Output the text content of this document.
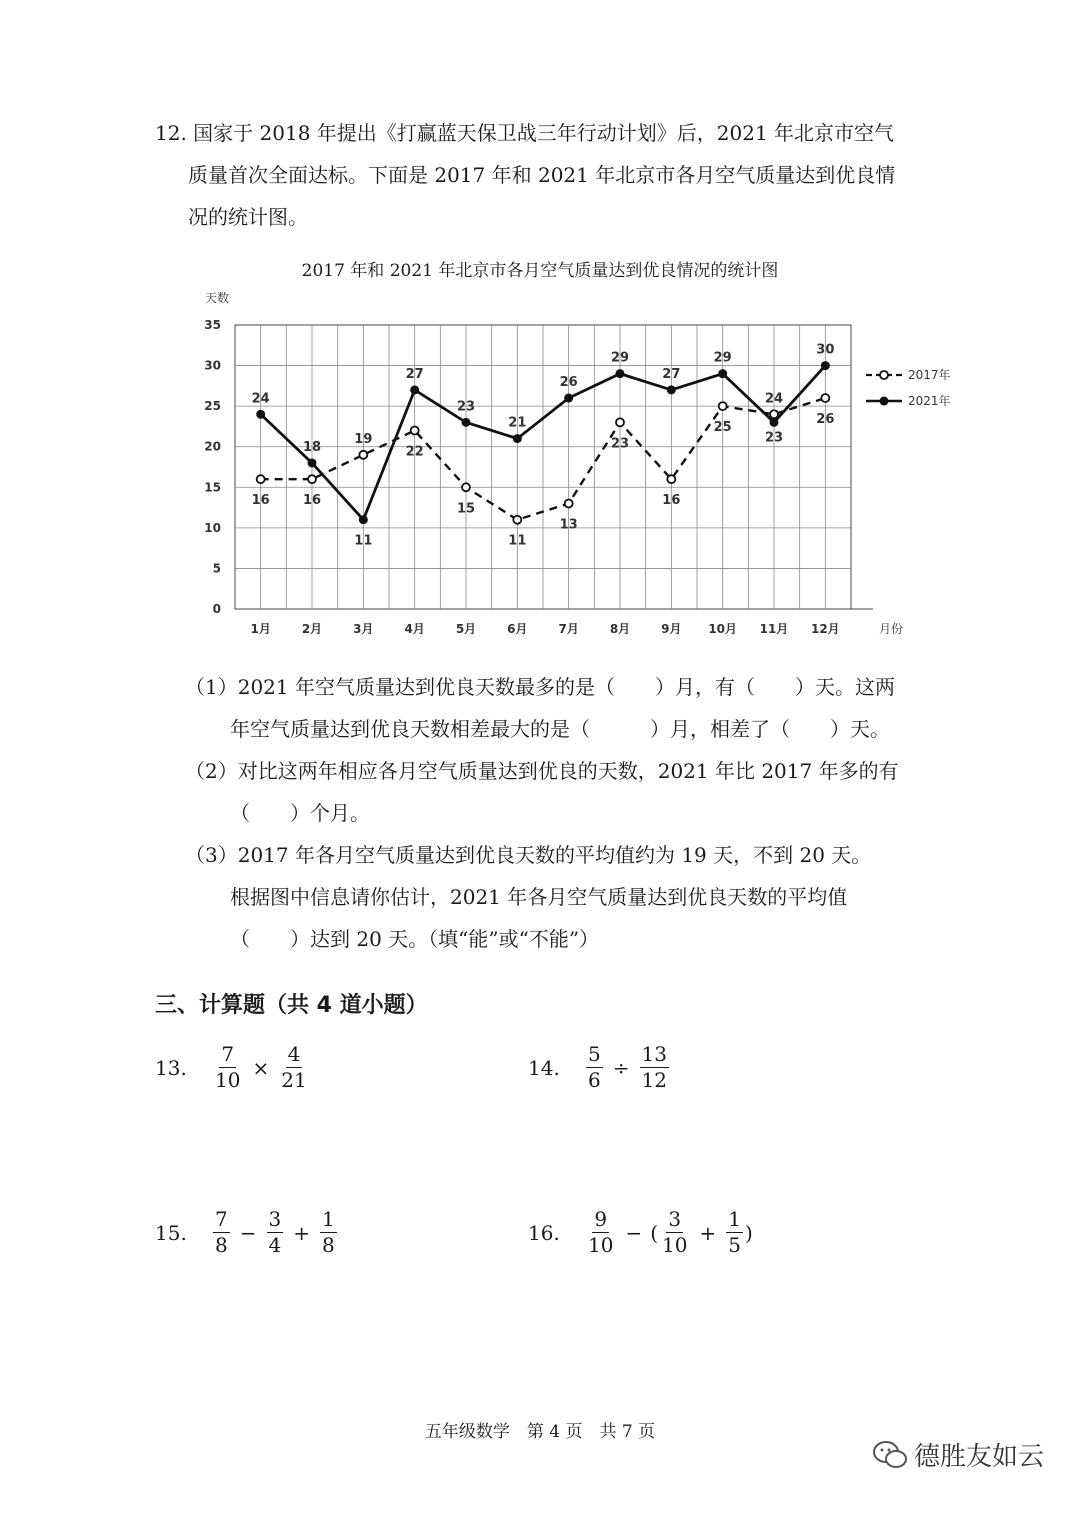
12. 国家于 2018 年提出《打赢蓝天保卫战三年行动计划》后，2021 年北京市空气
质量首次全面达标。下面是 2017 年和 2021 年北京市各月空气质量达到优良情
况的统计图。
2017 年和 2021 年北京市各月空气质量达到优良情况的统计图
0
5
10
15
20
25
30
35
天数
月份
1月	2月	3月	4月	5月	6月	7月	8月	9月 10月 11月 12月
16
24
16
18
19
11
22
27
15
23
11
21
13
26
23
29
16
27
25
29
24
23
26
30
2017年
2021年
（1）2021 年空气质量达到优良天数最多的是（　　）月，有（　　）天。这两
年空气质量达到优良天数相差最大的是（　　　）月，相差了（　　）天。
（2）对比这两年相应各月空气质量达到优良的天数，2021 年比 2017 年多的有
（　　）个月。
（3）2017 年各月空气质量达到优良天数的平均值约为 19 天，不到 20 天。
根据图中信息请你估计，2021 年各月空气质量达到优良天数的平均值
（　　）达到 20 天。（填“能”或“不能”）
三、计算题（共 4 道小题）
13.	$\frac{7}{10} \times \frac{4}{21}$	14.	$\frac{5}{6} \div \frac{13}{12}$
15.	$\frac{7}{8} - \frac{3}{4} + \frac{1}{8}$	16.	$\frac{9}{10}$ − ( $\frac{3}{10} + \frac{1}{5}$ )
五年级数学　第 4 页　共 7 页
德胜友如云
